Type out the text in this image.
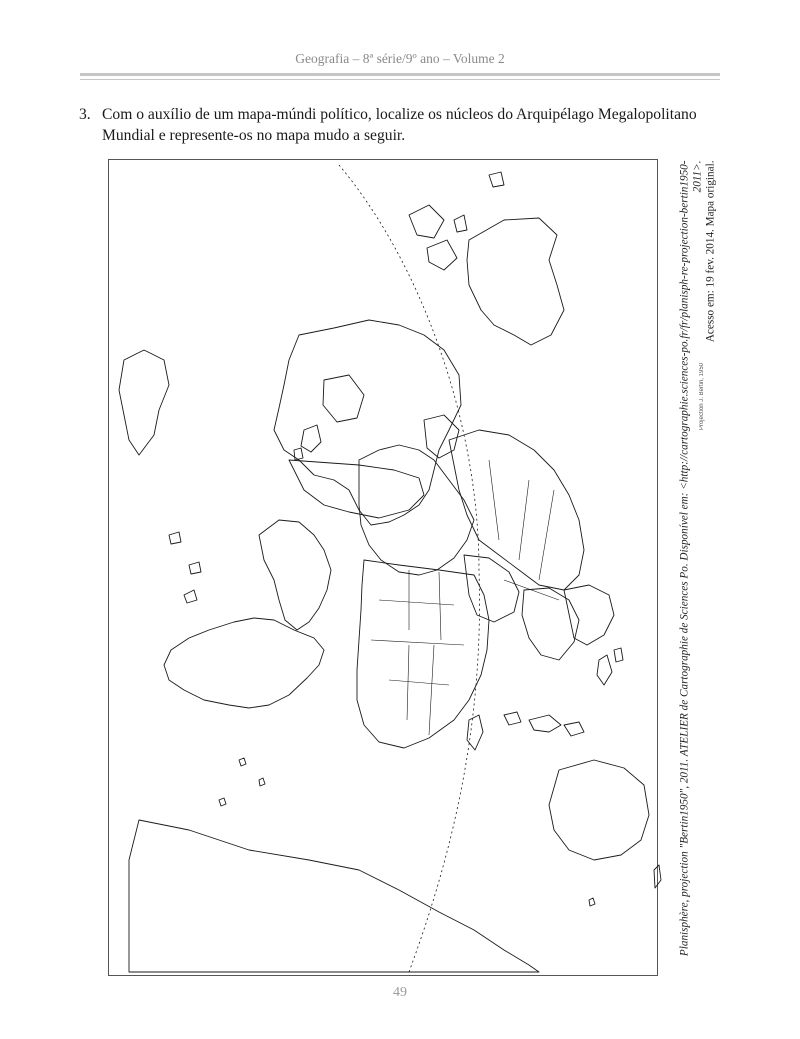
Geografia – 8ª série/9º ano – Volume 2
3. Com o auxílio de um mapa-múndi político, localize os núcleos do Arquipélago Megalopolitano Mundial e represente-os no mapa mudo a seguir.
Projection J. Bertin, 1950
Planisphère, projection "Bertin1950", 2011. ATELIER de Cartographie de Sciences Po. Disponível em: <http://cartographie.sciences-po.fr/fr/planisph-re-projection-bertin1950-2011>. Acesso em: 19 fev. 2014. Mapa original.
49
